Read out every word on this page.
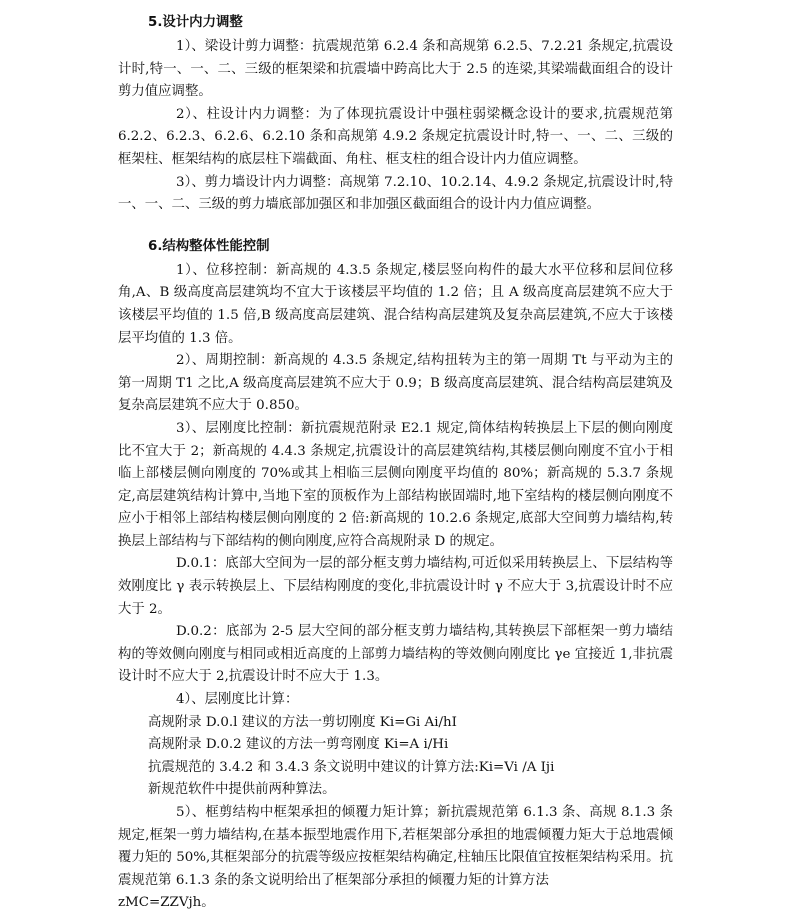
5.设计内力调整

1）、梁设计剪力调整：抗震规范第 6.2.4 条和高规第 6.2.5、7.2.21 条规定,抗震设计时,特一、一、二、三级的框架梁和抗震墙中跨高比大于 2.5 的连梁,其梁端截面组合的设计剪力值应调整。

2）、柱设计内力调整：为了体现抗震设计中强柱弱梁概念设计的要求,抗震规范第 6.2.2、6.2.3、6.2.6、6.2.10 条和高规第 4.9.2 条规定抗震设计时,特一、一、二、三级的框架柱、框架结构的底层柱下端截面、角柱、框支柱的组合设计内力值应调整。

3）、剪力墙设计内力调整：高规第 7.2.10、10.2.14、4.9.2 条规定,抗震设计时,特一、一、二、三级的剪力墙底部加强区和非加强区截面组合的设计内力值应调整。

6.结构整体性能控制

1）、位移控制：新高规的 4.3.5 条规定,楼层竖向构件的最大水平位移和层间位移角,A、B 级高度高层建筑均不宜大于该楼层平均值的 1.2 倍；且 A 级高度高层建筑不应大于该楼层平均值的 1.5 倍,B 级高度高层建筑、混合结构高层建筑及复杂高层建筑,不应大于该楼层平均值的 1.3 倍。

2）、周期控制：新高规的 4.3.5 条规定,结构扭转为主的第一周期 Tt 与平动为主的第一周期 T1 之比,A 级高度高层建筑不应大于 0.9；B 级高度高层建筑、混合结构高层建筑及复杂高层建筑不应大于 0.850。

3）、层刚度比控制：新抗震规范附录 E2.1 规定,筒体结构转换层上下层的侧向刚度比不宜大于 2；新高规的 4.4.3 条规定,抗震设计的高层建筑结构,其楼层侧向刚度不宜小于相临上部楼层侧向刚度的 70%或其上相临三层侧向刚度平均值的 80%；新高规的 5.3.7 条规定,高层建筑结构计算中,当地下室的顶板作为上部结构嵌固端时,地下室结构的楼层侧向刚度不应小于相邻上部结构楼层侧向刚度的 2 倍:新高规的 10.2.6 条规定,底部大空间剪力墙结构,转换层上部结构与下部结构的侧向刚度,应符合高规附录 D 的规定。

D.0.1：底部大空间为一层的部分框支剪力墙结构,可近似采用转换层上、下层结构等效刚度比 γ 表示转换层上、下层结构刚度的变化,非抗震设计时 γ 不应大于 3,抗震设计时不应大于 2。

D.0.2：底部为 2-5 层大空间的部分框支剪力墙结构,其转换层下部框架一剪力墙结构的等效侧向刚度与相同或相近高度的上部剪力墙结构的等效侧向刚度比 γe 宜接近 1,非抗震设计时不应大于 2,抗震设计时不应大于 1.3。

4）、层刚度比计算：

高规附录 D.0.l 建议的方法一剪切刚度 Ki=Gi Ai/hI

高规附录 D.0.2 建议的方法一剪弯刚度 Ki=A i/Hi

抗震规范的 3.4.2 和 3.4.3 条文说明中建议的计算方法:Ki=Vi /A Iji

新规范软件中提供前两种算法。

5）、框剪结构中框架承担的倾覆力矩计算；新抗震规范第 6.1.3 条、高规 8.1.3 条规定,框架一剪力墙结构,在基本振型地震作用下,若框架部分承担的地震倾覆力矩大于总地震倾覆力矩的 50%,其框架部分的抗震等级应按框架结构确定,柱轴压比限值宜按框架结构采用。抗震规范第 6.1.3 条的条文说明给出了框架部分承担的倾覆力矩的计算方法

zMC=ZZVjh。
